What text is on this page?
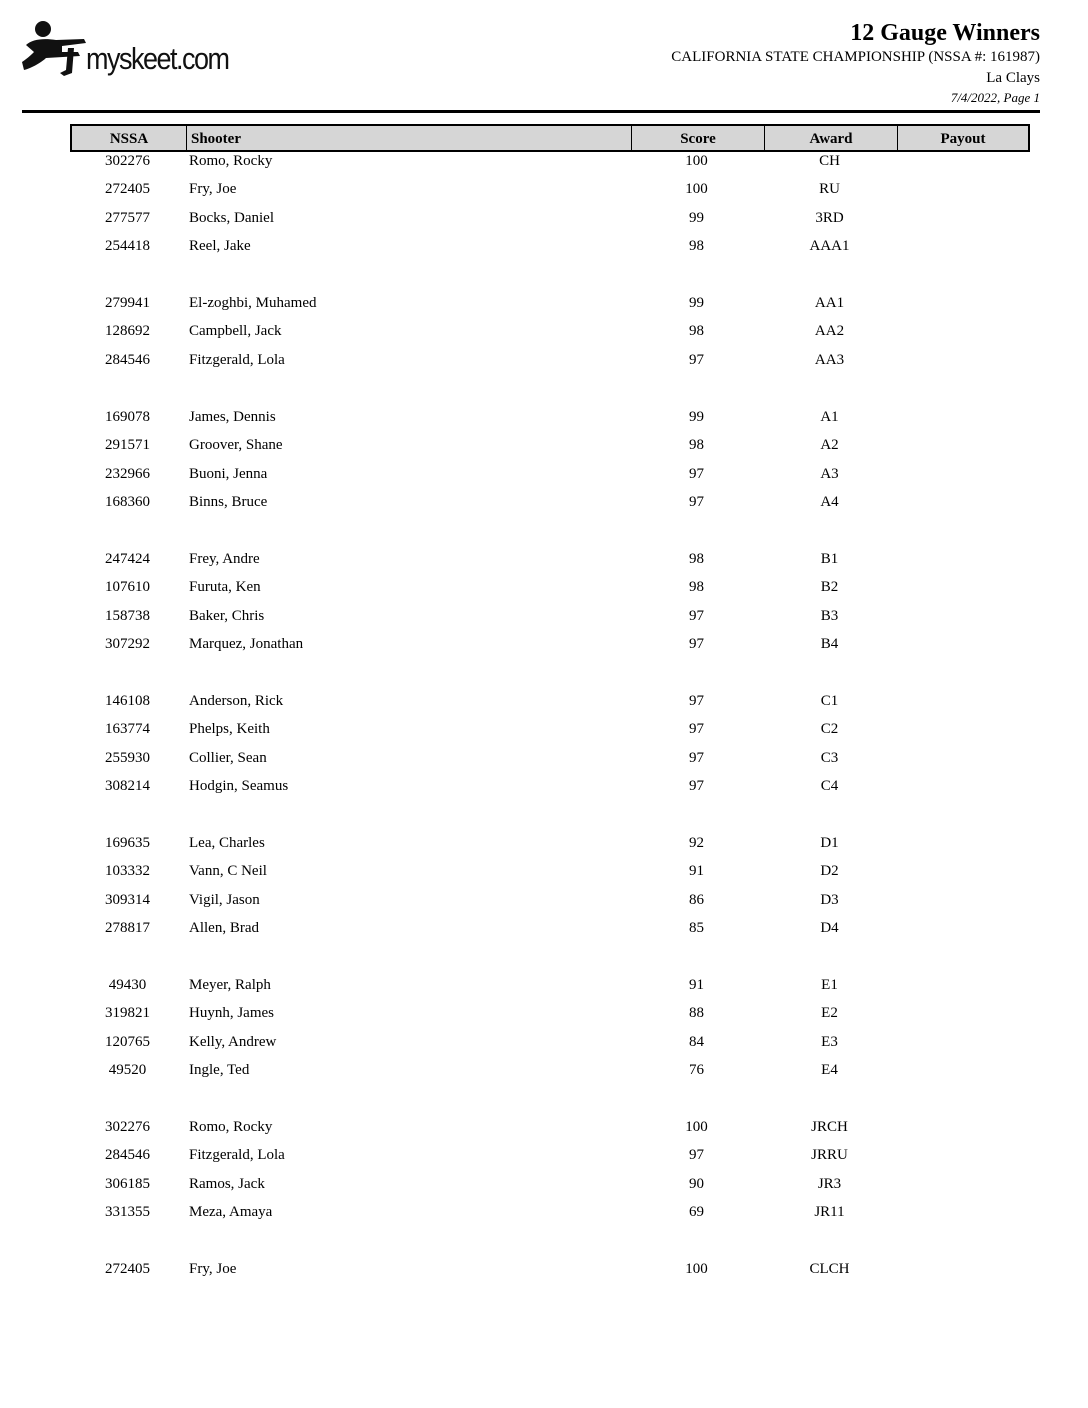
myskeet.com
12 Gauge Winners
CALIFORNIA STATE CHAMPIONSHIP (NSSA #: 161987)
La Clays
7/4/2022, Page 1
NSSA	Shooter	Score	Award	Payout
302276	Romo, Rocky	100	CH
272405	Fry, Joe	100	RU
277577	Bocks, Daniel	99	3RD
254418	Reel, Jake	98	AAA1
279941	El-zoghbi, Muhamed	99	AA1
128692	Campbell, Jack	98	AA2
284546	Fitzgerald, Lola	97	AA3
169078	James, Dennis	99	A1
291571	Groover, Shane	98	A2
232966	Buoni, Jenna	97	A3
168360	Binns, Bruce	97	A4
247424	Frey, Andre	98	B1
107610	Furuta, Ken	98	B2
158738	Baker, Chris	97	B3
307292	Marquez, Jonathan	97	B4
146108	Anderson, Rick	97	C1
163774	Phelps, Keith	97	C2
255930	Collier, Sean	97	C3
308214	Hodgin, Seamus	97	C4
169635	Lea, Charles	92	D1
103332	Vann, C Neil	91	D2
309314	Vigil, Jason	86	D3
278817	Allen, Brad	85	D4
49430	Meyer, Ralph	91	E1
319821	Huynh, James	88	E2
120765	Kelly, Andrew	84	E3
49520	Ingle, Ted	76	E4
302276	Romo, Rocky	100	JRCH
284546	Fitzgerald, Lola	97	JRRU
306185	Ramos, Jack	90	JR3
331355	Meza, Amaya	69	JR11
272405	Fry, Joe	100	CLCH
